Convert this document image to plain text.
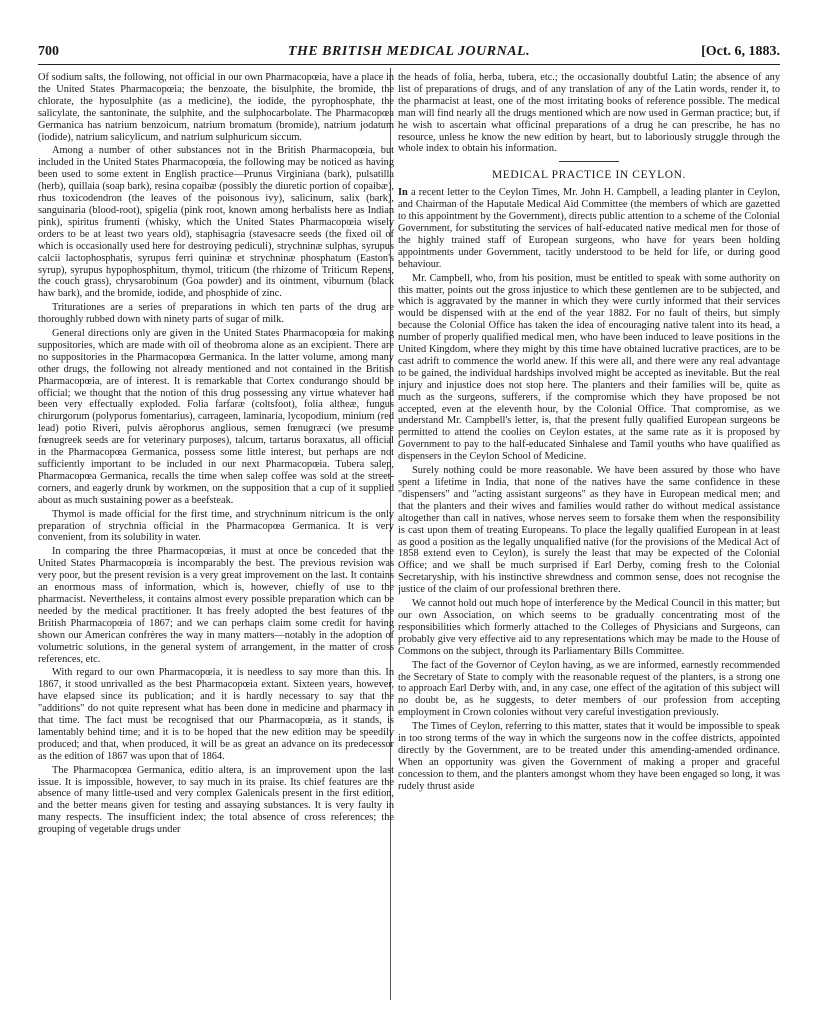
700	THE BRITISH MEDICAL JOURNAL.	[Oct. 6, 1883.

Of sodium salts, the following, not official in our own Pharmacopœia, have a place in the United States Pharmacopœia; the benzoate, the bisulphite, the bromide, the chlorate, the hyposulphite (as a medicine), the iodide, the pyrophosphate, the salicylate, the santoninate, the sulphite, and the sulphocarbolate. The Pharmacopœa Germanica has natrium benzoicum, natrium bromatum (bromide), natrium jodatum (iodide), natrium salicylicum, and natrium sulphuricum siccum.

Among a number of other substances not in the British Pharmacopœia, but included in the United States Pharmacopœia, the following may be noticed as having been used to some extent in English practice—Prunus Virginiana (bark), pulsatilla (herb), quillaia (soap bark), resina copaibæ (possibly the diuretic portion of copaibæ), rhus toxicodendron (the leaves of the poisonous ivy), salicinum, salix (bark), sanguinaria (blood-root), spigelia (pink root, known among herbalists here as Indian pink), spiritus frumenti (whisky, which the United States Pharmacopœia wisely orders to be at least two years old), staphisagria (stavesacre seeds (the fixed oil of which is occasionally used here for destroying pediculi), strychninæ sulphas, syrupus calcii lactophosphatis, syrupus ferri quininæ et strychninæ phosphatum (Easton's syrup), syrupus hypophosphitum, thymol, triticum (the rhizome of Triticum Repens, the couch grass), chrysarobinum (Goa powder) and its ointment, viburnum (black haw bark), and the bromide, iodide, and phosphide of zinc.

Triturationes are a series of preparations in which ten parts of the drug are thoroughly rubbed down with ninety parts of sugar of milk.

General directions only are given in the United States Pharmacopœia for making suppositories, which are made with oil of theobroma alone as an excipient. There are no suppositories in the Pharmacopœa Germanica. In the latter volume, among many other drugs, the following not already mentioned and not contained in the British Pharmacopœia, are of interest. It is remarkable that Cortex condurango should be official; we thought that the notion of this drug possessing any virtue whatever had been very effectually exploded. Folia farfaræ (coltsfoot), folia altheæ, fungus chirurgorum (polyporus fomentarius), carrageen, laminaria, lycopodium, minium (red lead) potio Riveri, pulvis aërophorus anglious, semen fœnugræci (we presume fœnugreek seeds are for veterinary purposes), talcum, tartarus boraxatus, all official in the Pharmacopœa Germanica, possess some little interest, but perhaps are not sufficiently important to be included in our next Pharmacopœia. Tubera salep, Pharmacopœa Germanica, recalls the time when salep coffee was sold at the street-corners, and eagerly drunk by workmen, on the supposition that a cup of it supplied about as much sustaining power as a beefsteak.

Thymol is made official for the first time, and strychninum nitricum is the only preparation of strychnia official in the Pharmacopœa Germanica. It is very convenient, from its solubility in water.

In comparing the three Pharmacopœias, it must at once be conceded that the United States Pharmacopœia is incomparably the best. The previous revision was very poor, but the present revision is a very great improvement on the last. It contains an enormous mass of information, which is, however, chiefly of use to the pharmacist. Nevertheless, it contains almost every possible preparation which can be needed by the medical practitioner. It has freely adopted the best features of the British Pharmacopœia of 1867; and we can perhaps claim some credit for having shown our American confrères the way in many matters—notably in the adoption of volumetric solutions, in the general system of arrangement, in the matter of cross references, etc.

With regard to our own Pharmacopœia, it is needless to say more than this. In 1867, it stood unrivalled as the best Pharmacopœia extant. Sixteen years, however, have elapsed since its publication; and it is hardly necessary to say that the "additions" do not quite represent what has been done in medicine and pharmacy in that time. The fact must be recognised that our Pharmacopœia, as it stands, is lamentably behind time; and it is to be hoped that the new edition may be speedily produced; and that, when produced, it will be as great an advance on its predecessor as the edition of 1867 was upon that of 1864.

The Pharmacopœa Germanica, editio altera, is an improvement upon the last issue. It is impossible, however, to say much in its praise. Its chief features are the absence of many little-used and very complex Galenicals present in the first edition, and the better means given for testing and assaying substances. It is very faulty in many respects. The insufficient index; the total absence of cross references; the grouping of vegetable drugs under

the heads of folia, herba, tubera, etc.; the occasionally doubtful Latin; the absence of any list of preparations of drugs, and of any translation of any of the Latin words, render it, to the pharmacist at least, one of the most irritating books of reference possible. The medical man will find nearly all the drugs mentioned which are now used in German practice; but, if he wish to ascertain what officinal preparations of a drug he can prescribe, he has no resource, unless he know the new edition by heart, but to laboriously struggle through the whole index to obtain his information.

MEDICAL PRACTICE IN CEYLON.

In a recent letter to the Ceylon Times, Mr. John H. Campbell, a leading planter in Ceylon, and Chairman of the Haputale Medical Aid Committee (the members of which are gazetted to this appointment by the Government), directs public attention to a scheme of the Colonial Government, for substituting the services of half-educated native medical men for those of the highly trained staff of European surgeons, who have for years been holding appointments under Government, tacitly understood to be held for life, or during good behaviour.

Mr. Campbell, who, from his position, must be entitled to speak with some authority on this matter, points out the gross injustice to which these gentlemen are to be subjected, and which is aggravated by the manner in which they were curtly informed that their services would be dispensed with at the end of the year 1882. For no fault of theirs, but simply because the Colonial Office has taken the idea of encouraging native talent into its head, a number of properly qualified medical men, who have been induced to leave positions in the United Kingdom, where they might by this time have obtained lucrative practices, are to be cast adrift to commence the world anew. If this were all, and there were any real advantage to be gained, the individual hardships involved might be accepted as inevitable. But the real injury and injustice does not stop here. The planters and their families will be, quite as much as the surgeons, sufferers, if the compromise which they have proposed be not accepted, even at the eleventh hour, by the Colonial Office. That compromise, as we understand Mr. Campbell's letter, is, that the present fully qualified European surgeons be permitted to attend the coolies on Ceylon estates, at the same rate as it is proposed by Government to pay to the half-educated Sinhalese and Tamil youths who have qualified as dispensers in the Ceylon School of Medicine.

Surely nothing could be more reasonable. We have been assured by those who have spent a lifetime in India, that none of the natives have the same confidence in these "dispensers" and "acting assistant surgeons" as they have in European medical men; and that the planters and their wives and families would rather do without medical assistance altogether than call in natives, whose nerves seem to forsake them when the responsibility is cast upon them of treating Europeans. To place the legally qualified European in at least as good a position as the legally unqualified native (for the provisions of the Medical Act of 1858 extend even to Ceylon), is surely the least that may be expected of the Colonial Office; and we shall be much surprised if Earl Derby, coming fresh to the Colonial Secretaryship, with his instinctive shrewdness and common sense, does not recognise the justice of the claim of our professional brethren there.

We cannot hold out much hope of interference by the Medical Council in this matter; but our own Association, on which seems to be gradually concentrating most of the responsibilities which formerly attached to the Colleges of Physicians and Surgeons, can probably give very effective aid to any representations which may be made to the House of Commons on the subject, through its Parliamentary Bills Committee.

The fact of the Governor of Ceylon having, as we are informed, earnestly recommended the Secretary of State to comply with the reasonable request of the planters, is a strong one to approach Earl Derby with, and, in any case, one effect of the agitation of this subject will no doubt be, as he suggests, to deter members of our profession from accepting employment in Crown colonies without very careful investigation previously.

The Times of Ceylon, referring to this matter, states that it would be impossible to speak in too strong terms of the way in which the surgeons now in the coffee districts, appointed directly by the Government, are to be treated under this amending-amended ordinance. When an opportunity was given the Government of making a proper and graceful concession to them, and the planters amongst whom they have been engaged so long, it was rudely thrust aside
